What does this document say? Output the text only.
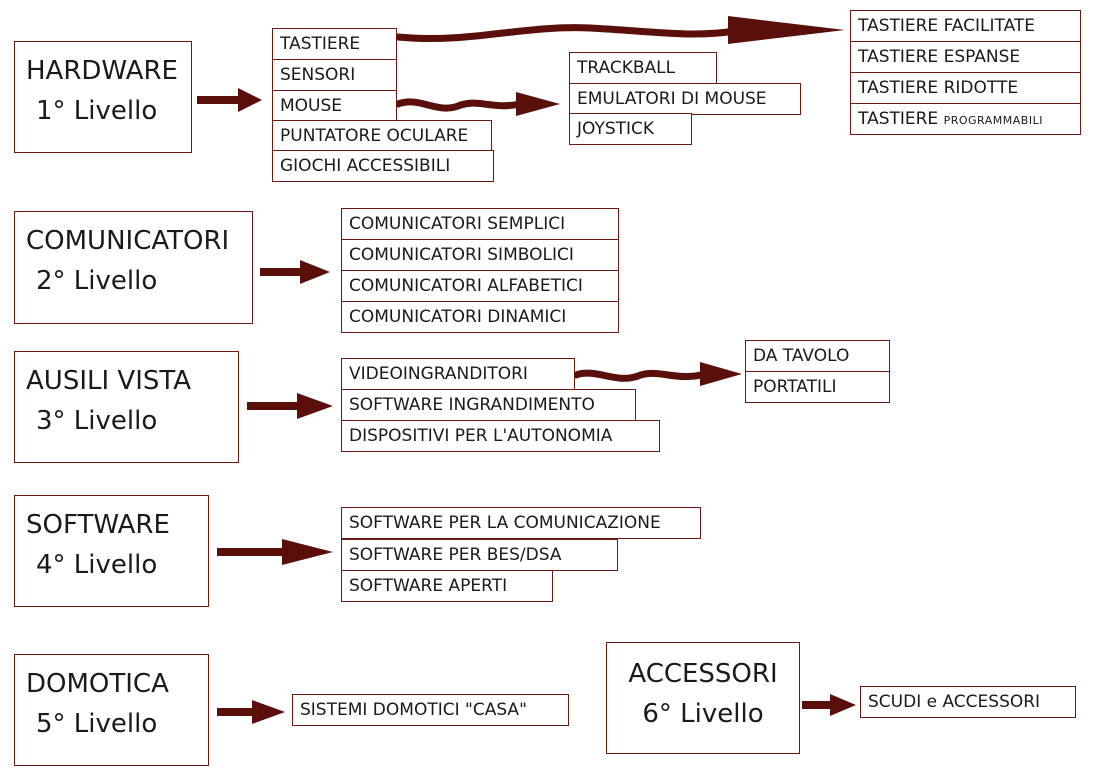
HARDWARE
1° Livello
TASTIERE
SENSORI
MOUSE
PUNTATORE OCULARE
GIOCHI ACCESSIBILI
TRACKBALL
EMULATORI DI MOUSE
JOYSTICK
TASTIERE FACILITATE
TASTIERE ESPANSE
TASTIERE RIDOTTE
TASTIERE PROGRAMMABILI
COMUNICATORI
2° Livello
COMUNICATORI SEMPLICI
COMUNICATORI SIMBOLICI
COMUNICATORI ALFABETICI
COMUNICATORI DINAMICI
AUSILI VISTA
3° Livello
VIDEOINGRANDITORI
SOFTWARE INGRANDIMENTO
DISPOSITIVI PER L'AUTONOMIA
DA TAVOLO
PORTATILI
SOFTWARE
4° Livello
SOFTWARE PER LA COMUNICAZIONE
SOFTWARE PER BES/DSA
SOFTWARE APERTI
DOMOTICA
5° Livello	SISTEMI DOMOTICI "CASA"
ACCESSORI
6° Livello	SCUDI e ACCESSORI
